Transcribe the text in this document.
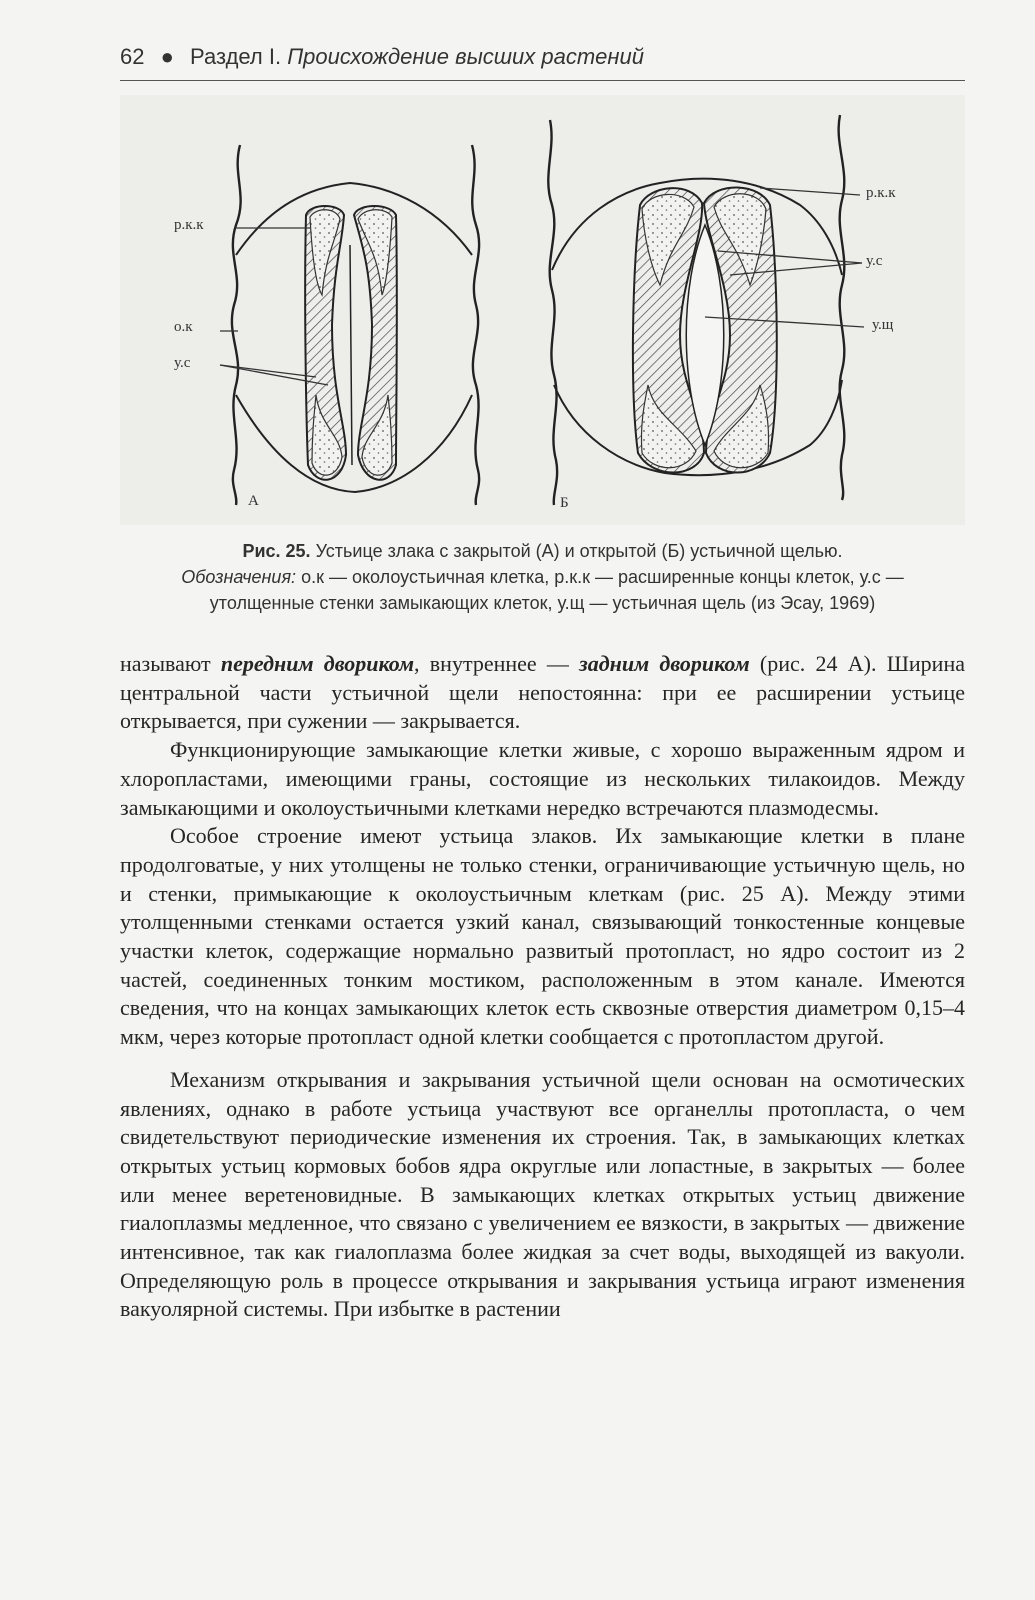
62 ● Раздел I. Происхождение высших растений
р.к.к
о.к
у.с
А	Б
р.к.к
у.с
у.щ
Рис. 25. Устьице злака с закрытой (А) и открытой (Б) устьичной щелью.
Обозначения: о.к — околоустьичная клетка, р.к.к — расширенные концы клеток, у.с —
утолщенные стенки замыкающих клеток, у.щ — устьичная щель (из Эсау, 1969)

называют передним двориком, внутреннее — задним двориком (рис. 24 А). Ширина центральной части устьичной щели непостоянна: при ее расширении устьице открывается, при сужении — закрывается.

Функционирующие замыкающие клетки живые, с хорошо выраженным ядром и хлоропластами, имеющими граны, состоящие из нескольких тилакоидов. Между замыкающими и околоустьичными клетками нередко встречаются плазмодесмы.

Особое строение имеют устьица злаков. Их замыкающие клетки в плане продолговатые, у них утолщены не только стенки, ограничивающие устьичную щель, но и стенки, примыкающие к околоустьичным клеткам (рис. 25 А). Между этими утолщенными стенками остается узкий канал, связывающий тонкостенные концевые участки клеток, содержащие нормально развитый протопласт, но ядро состоит из 2 частей, соединенных тонким мостиком, расположенным в этом канале. Имеются сведения, что на концах замыкающих клеток есть сквозные отверстия диаметром 0,15–4 мкм, через которые протопласт одной клетки сообщается с протопластом другой.

Механизм открывания и закрывания устьичной щели основан на осмотических явлениях, однако в работе устьица участвуют все органеллы протопласта, о чем свидетельствуют периодические изменения их строения. Так, в замыкающих клетках открытых устьиц кормовых бобов ядра округлые или лопастные, в закрытых — более или менее веретеновидные. В замыкающих клетках открытых устьиц движение гиалоплазмы медленное, что связано с увеличением ее вязкости, в закрытых — движение интенсивное, так как гиалоплазма более жидкая за счет воды, выходящей из вакуоли. Определяющую роль в процессе открывания и закрывания устьица играют изменения вакуолярной системы. При избытке в растении
